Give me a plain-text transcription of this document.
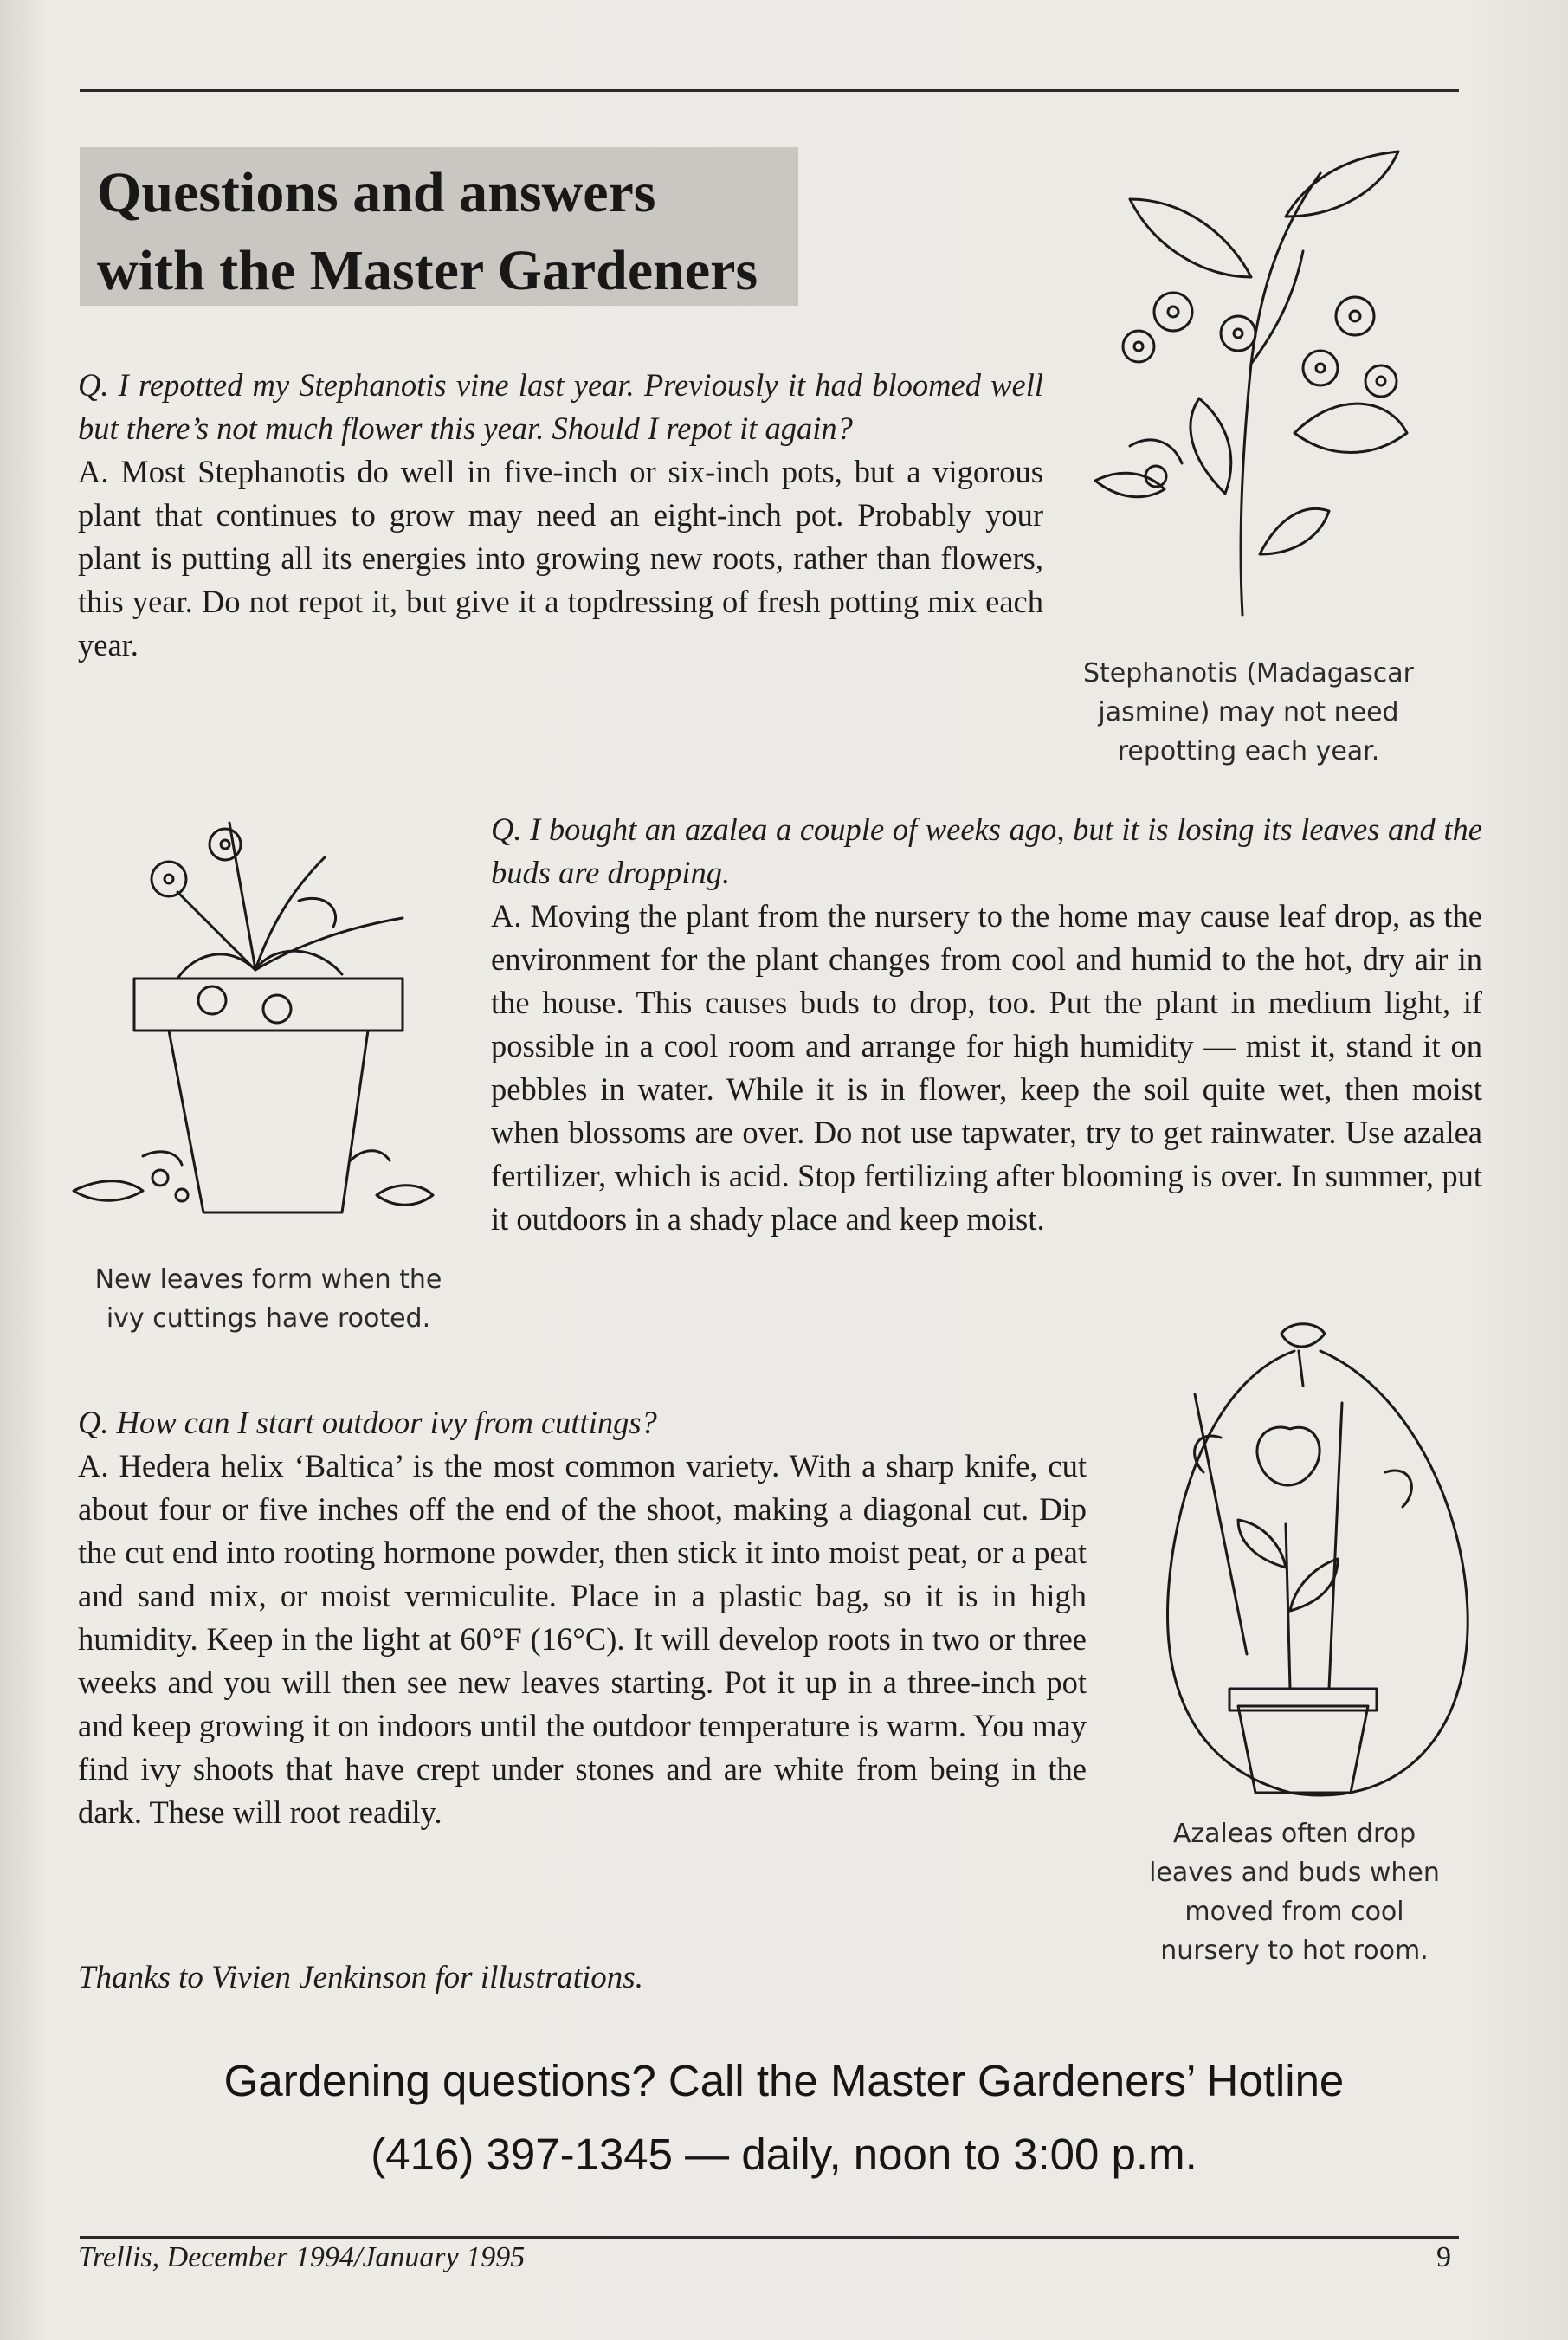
Questions and answers
with the Master Gardeners

Q. I repotted my Stephanotis vine last year. Previously it had bloomed well but there’s not much flower this year. Should I repot it again?
A. Most Stephanotis do well in five-inch or six-inch pots, but a vigorous plant that continues to grow may need an eight-inch pot. Probably your plant is putting all its energies into growing new roots, rather than flowers, this year. Do not repot it, but give it a topdressing of fresh potting mix each year.

Stephanotis (Madagascar
jasmine) may not need
repotting each year.

New leaves form when the
ivy cuttings have rooted.

Q. I bought an azalea a couple of weeks ago, but it is losing its leaves and the buds are dropping.
A. Moving the plant from the nursery to the home may cause leaf drop, as the environment for the plant changes from cool and humid to the hot, dry air in the house. This causes buds to drop, too. Put the plant in medium light, if possible in a cool room and arrange for high humidity — mist it, stand it on pebbles in water. While it is in flower, keep the soil quite wet, then moist when blossoms are over. Do not use tapwater, try to get rainwater. Use azalea fertilizer, which is acid. Stop fertilizing after blooming is over. In summer, put it outdoors in a shady place and keep moist.

Q. How can I start outdoor ivy from cuttings?
A. Hedera helix ‘Baltica’ is the most common variety. With a sharp knife, cut about four or five inches off the end of the shoot, making a diagonal cut. Dip the cut end into rooting hormone powder, then stick it into moist peat, or a peat and sand mix, or moist vermiculite. Place in a plastic bag, so it is in high humidity. Keep in the light at 60°F (16°C). It will develop roots in two or three weeks and you will then see new leaves starting. Pot it up in a three-inch pot and keep growing it on indoors until the outdoor temperature is warm. You may find ivy shoots that have crept under stones and are white from being in the dark. These will root readily.

Azaleas often drop
leaves and buds when
moved from cool
nursery to hot room.

Thanks to Vivien Jenkinson for illustrations.

Gardening questions? Call the Master Gardeners’ Hotline

(416) 397-1345 — daily, noon to 3:00 p.m.

Trellis, December 1994/January 1995	9
